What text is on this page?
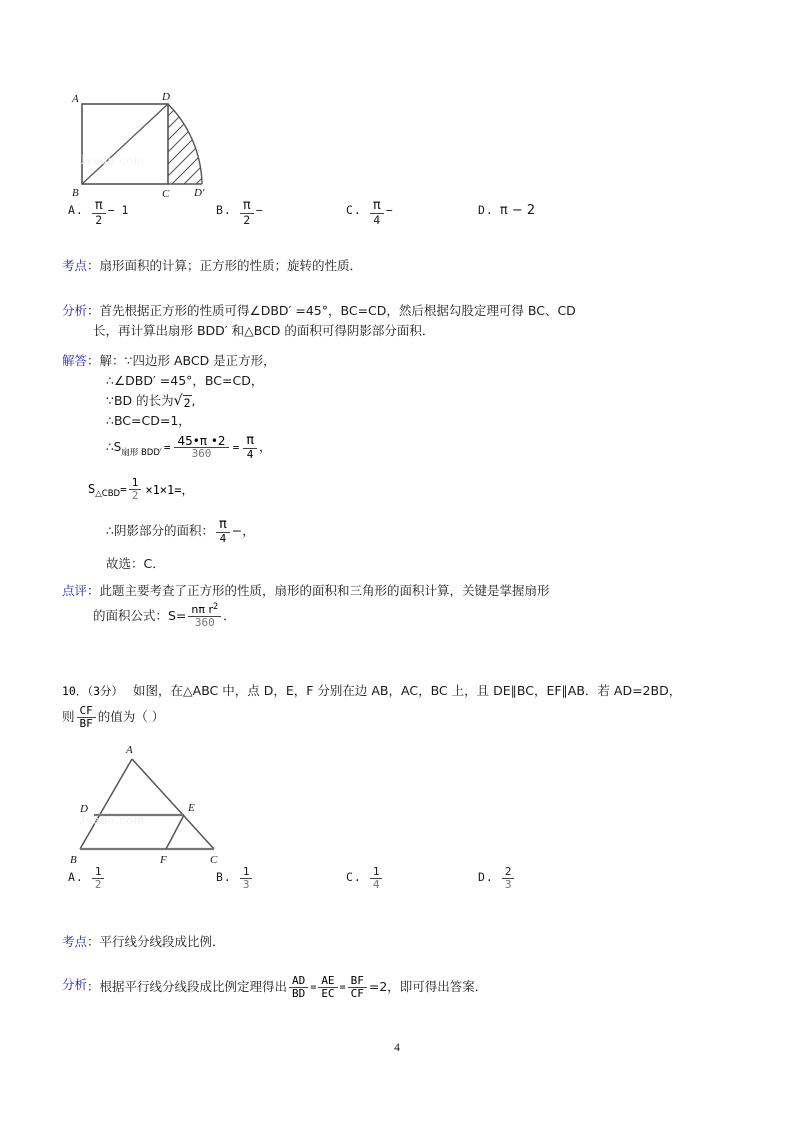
A	D
B	C D′
Jyeoo.com
A. $\frac{\pi}{2} - 1$	B. $\frac{\pi}{2}$ −	C. $\frac{\pi}{4}$ −	D. π − 2
考点：扇形面积的计算；正方形的性质；旋转的性质．
分析：首先根据正方形的性质可得∠DBD′ =45°，BC=CD，然后根据勾股定理可得 BC、CD
长，再计算出扇形 BDD′ 和△BCD 的面积可得阴影部分面积．
解答：解：∵四边形 ABCD 是正方形，
∴∠DBD′ =45°，BC=CD，
∵BD 的长为 √ 2 ,
∴BC=CD=1，
∴S 扇形 $BDD' = \frac{45•\pi •2}{360} = \frac{\pi}{4}$ ，
S △CBD = $\frac{1}{2} \times 1\times 1=$，
∴阴影部分的面积： $\frac{\pi}{4}$ −，
故选：C．
点评：此题主要考查了正方形的性质，扇形的面积和三角形的面积计算，关键是掌握扇形
的面积公式：$S= \frac{n\pi r^2}{360}$ ．
10．（3分） 如图，在△ABC 中，点 D，E，F 分别在边 AB，AC，BC 上，且 DE∥BC，EF∥AB．若 AD=2BD，
则 $\frac{CF}{BF}$ 的值为（ ）
A
D	E
B	F	C
Jyeoo.com
A. $\frac{1}{2}$	B. $\frac{1}{3}$	C. $\frac{1}{4}$	D. $\frac{2}{3}$
考点：平行线分线段成比例．
分析 ：根据平行线分线段成比例定理得出 $\frac{AD}{BD} = \frac{AE}{EC} = \frac{BF}{CF} =2$，即可得出答案．
4
